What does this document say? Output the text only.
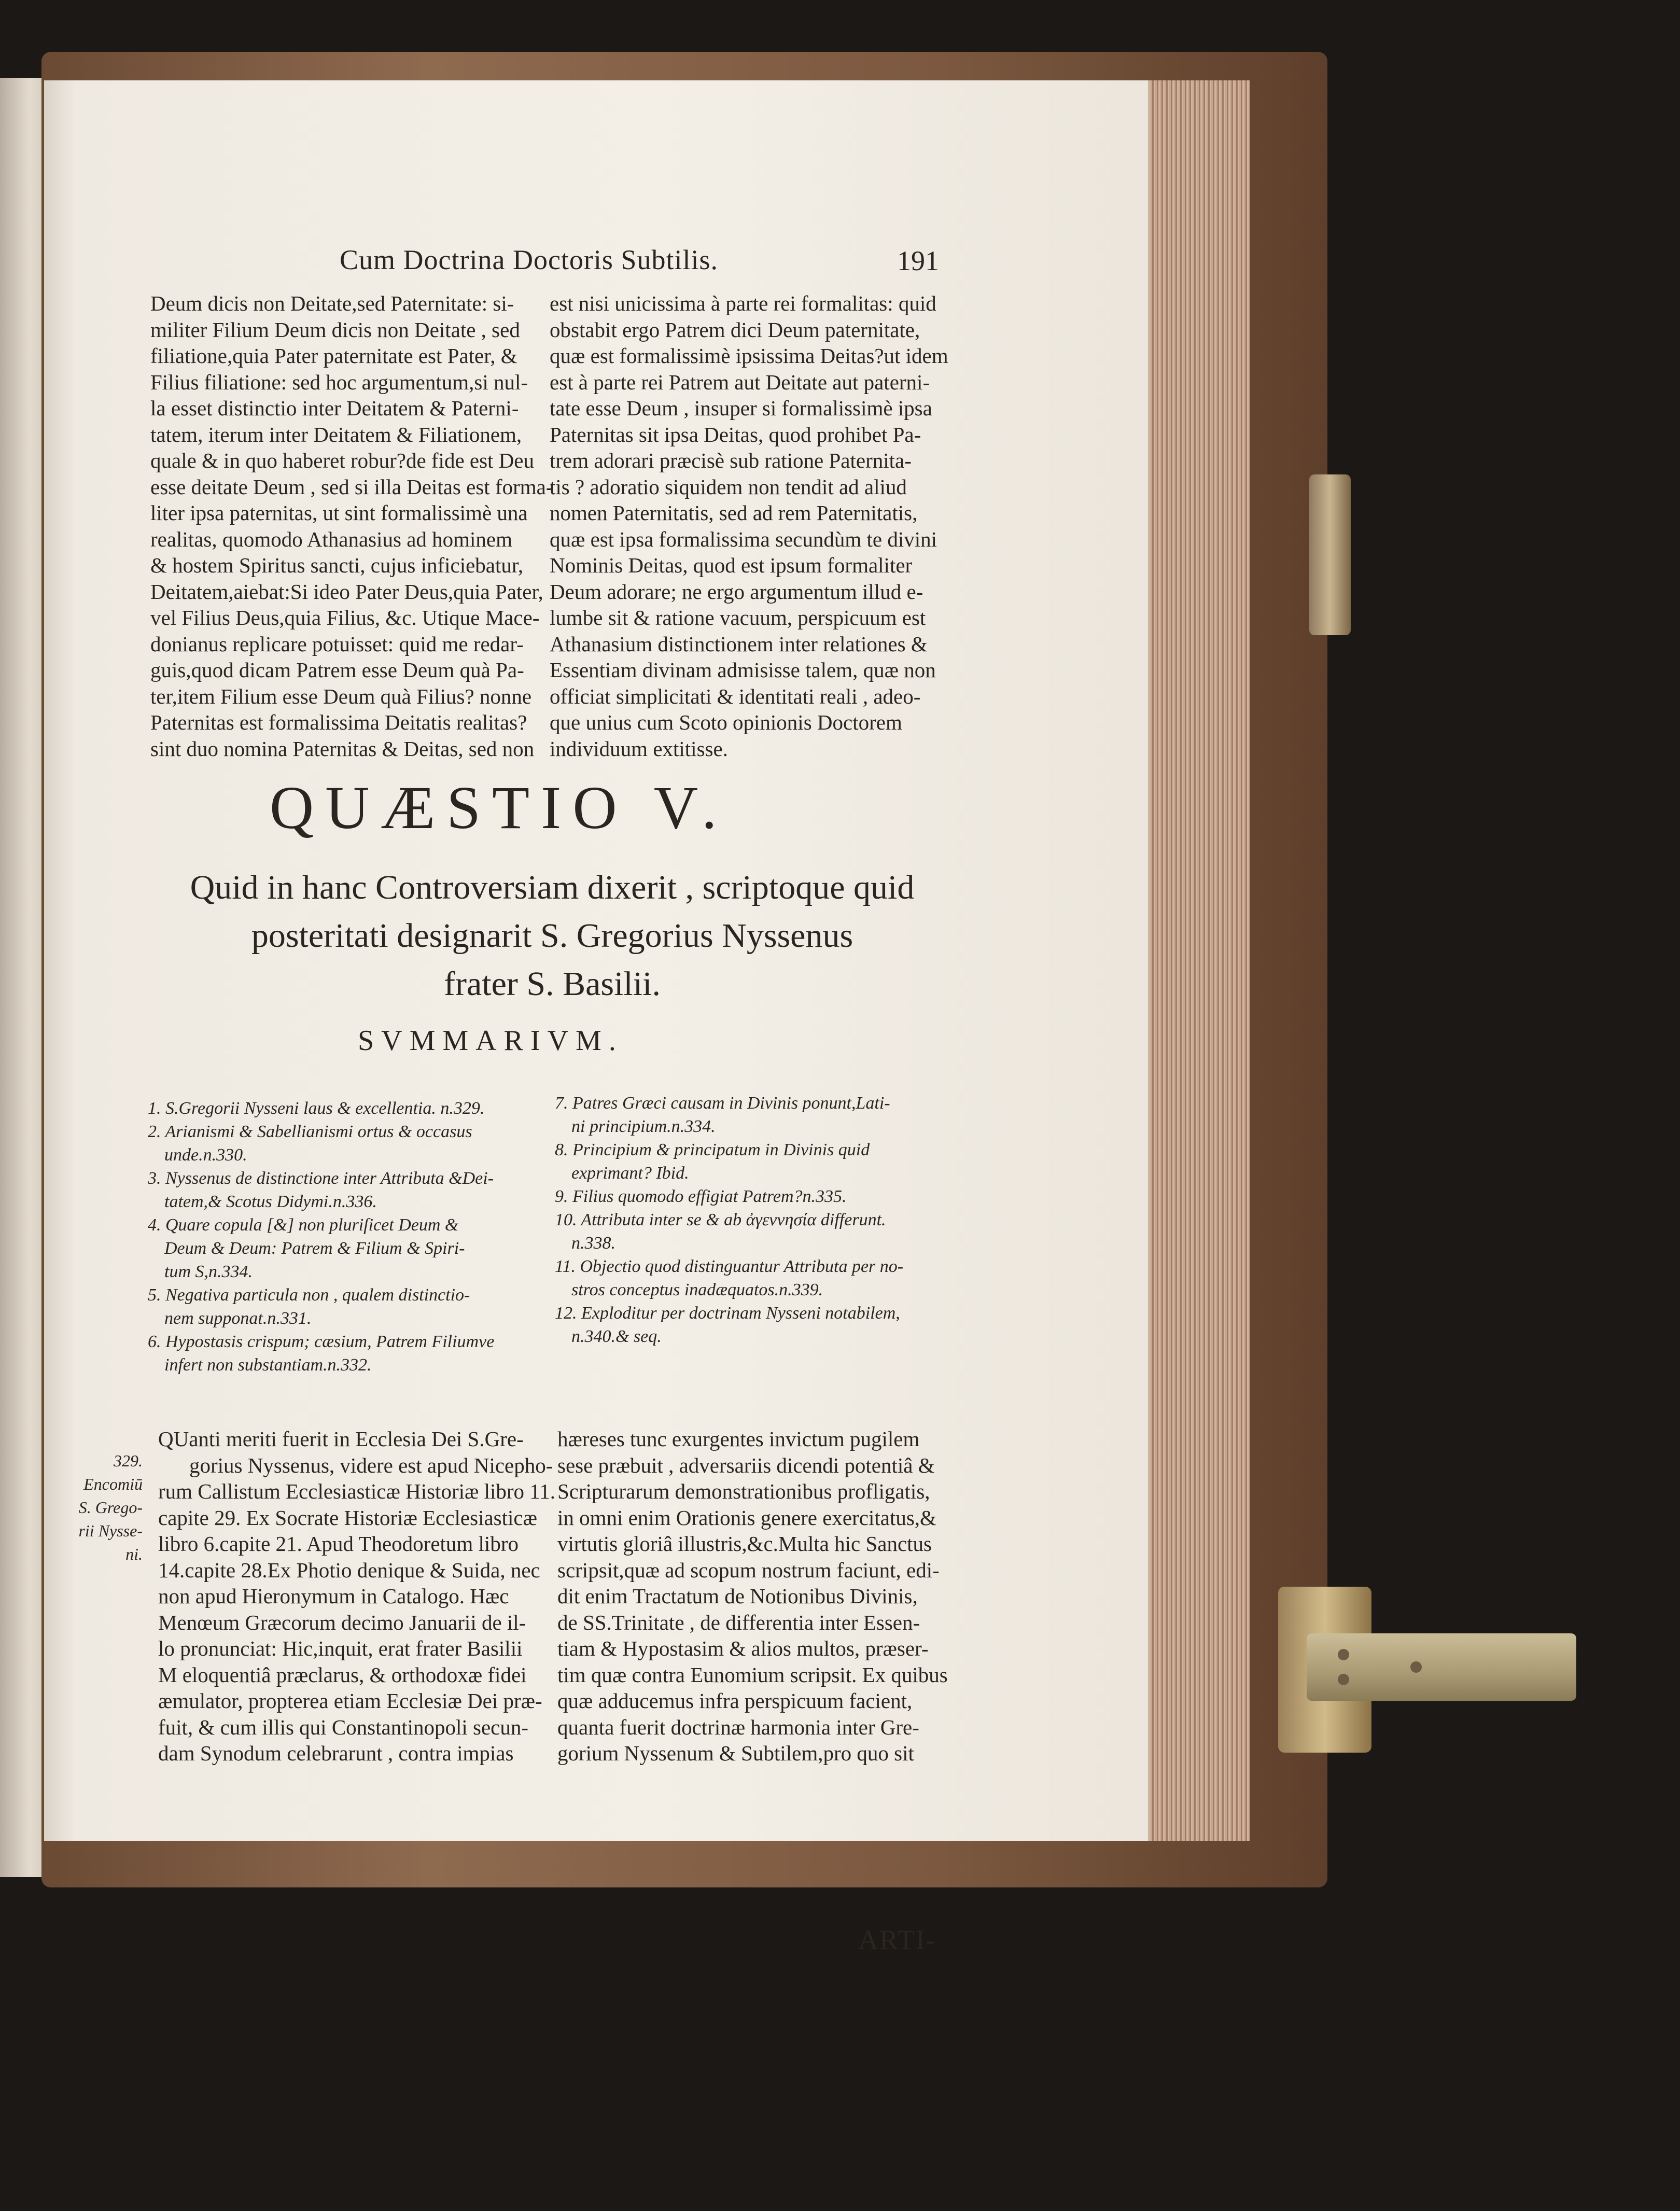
Cum Doctrina Doctoris Subtilis.	191
Deum dicis non Deitate,sed Paternitate: si-
militer Filium Deum dicis non Deitate , sed
filiatione,quia Pater paternitate est Pater, &
Filius filiatione: sed hoc argumentum,si nul-
la esset distinctio inter Deitatem & Paterni-
tatem, iterum inter Deitatem & Filiationem,
quale & in quo haberet robur?de fide est Deu
esse deitate Deum , sed si illa Deitas est forma-
liter ipsa paternitas, ut sint formalissimè una
realitas, quomodo Athanasius ad hominem
& hostem Spiritus sancti, cujus inficiebatur,
Deitatem,aiebat:Si ideo Pater Deus,quia Pater,
vel Filius Deus,quia Filius, &c. Utique Mace-
donianus replicare potuisset: quid me redar-
guis,quod dicam Patrem esse Deum quà Pa-
ter,item Filium esse Deum quà Filius? nonne
Paternitas est formalissima Deitatis realitas?
sint duo nomina Paternitas & Deitas, sed non
est nisi unicissima à parte rei formalitas: quid
obstabit ergo Patrem dici Deum paternitate,
quæ est formalissimè ipsissima Deitas?ut idem
est à parte rei Patrem aut Deitate aut paterni-
tate esse Deum , insuper si formalissimè ipsa
Paternitas sit ipsa Deitas, quod prohibet Pa-
trem adorari præcisè sub ratione Paternita-
tis ? adoratio siquidem non tendit ad aliud
nomen Paternitatis, sed ad rem Paternitatis,
quæ est ipsa formalissima secundùm te divini
Nominis Deitas, quod est ipsum formaliter
Deum adorare; ne ergo argumentum illud e-
lumbe sit & ratione vacuum, perspicuum est
Athanasium distinctionem inter relationes &
Essentiam divinam admisisse talem, quæ non
officiat simplicitati & identitati reali , adeo-
que unius cum Scoto opinionis Doctorem
individuum extitisse.
QUÆSTIO V.
Quid in hanc Controversiam dixerit , scriptoque quid
posteritati designarit S. Gregorius Nyssenus
frater S. Basilii.
SVMMARIVM.
1. S.Gregorii Nysseni laus & excellentia. n.329.
2. Arianismi & Sabellianismi ortus & occasus
unde.n.330.
3. Nyssenus de distinctione inter Attributa &Dei-
tatem,& Scotus Didymi.n.336.
4. Quare copula [&] non pluriſicet Deum &
Deum & Deum: Patrem & Filium & Spiri-
tum S,n.334.
5. Negativa particula non , qualem distinctio-
nem supponat.n.331.
6. Hypostasis crispum; cæsium, Patrem Filiumve
infert non substantiam.n.332.
7. Patres Græci causam in Divinis ponunt,Lati-
ni principium.n.334.
8. Principium & principatum in Divinis quid
exprimant? Ibid.
9. Filius quomodo effigiat Patrem?n.335.
10. Attributa inter se & ab ἀγεννησία differunt.
n.338.
11. Objectio quod distinguantur Attributa per no-
stros conceptus inadæquatos.n.339.
12. Exploditur per doctrinam Nysseni notabilem,
n.340.& seq.
329.
Encomiū
S. Grego-
rii Nysse-
ni.
QUanti meriti fuerit in Ecclesia Dei S.Gre-
gorius Nyssenus, videre est apud Nicepho-
rum Callistum Ecclesiasticæ Historiæ libro 11.
capite 29. Ex Socrate Historiæ Ecclesiasticæ
libro 6.capite 21. Apud Theodoretum libro
14.capite 28.Ex Photio denique & Suida, nec
non apud Hieronymum in Catalogo. Hæc
Menœum Græcorum decimo Januarii de il-
lo pronunciat: Hic,inquit, erat frater Basilii
M eloquentiâ præclarus, & orthodoxæ fidei
æmulator, propterea etiam Ecclesiæ Dei præ-
fuit, & cum illis qui Constantinopoli secun-
dam Synodum celebrarunt , contra impias
hæreses tunc exurgentes invictum pugilem
sese præbuit , adversariis dicendi potentiâ &
Scripturarum demonstrationibus profligatis,
in omni enim Orationis genere exercitatus,&
virtutis gloriâ illustris,&c.Multa hic Sanctus
scripsit,quæ ad scopum nostrum faciunt, edi-
dit enim Tractatum de Notionibus Divinis,
de SS.Trinitate , de differentia inter Essen-
tiam & Hypostasim & alios multos, præser-
tim quæ contra Eunomium scripsit. Ex quibus
quæ adducemus infra perspicuum facient,
quanta fuerit doctrinæ harmonia inter Gre-
gorium Nyssenum & Subtilem,pro quo sit
ARTI-
